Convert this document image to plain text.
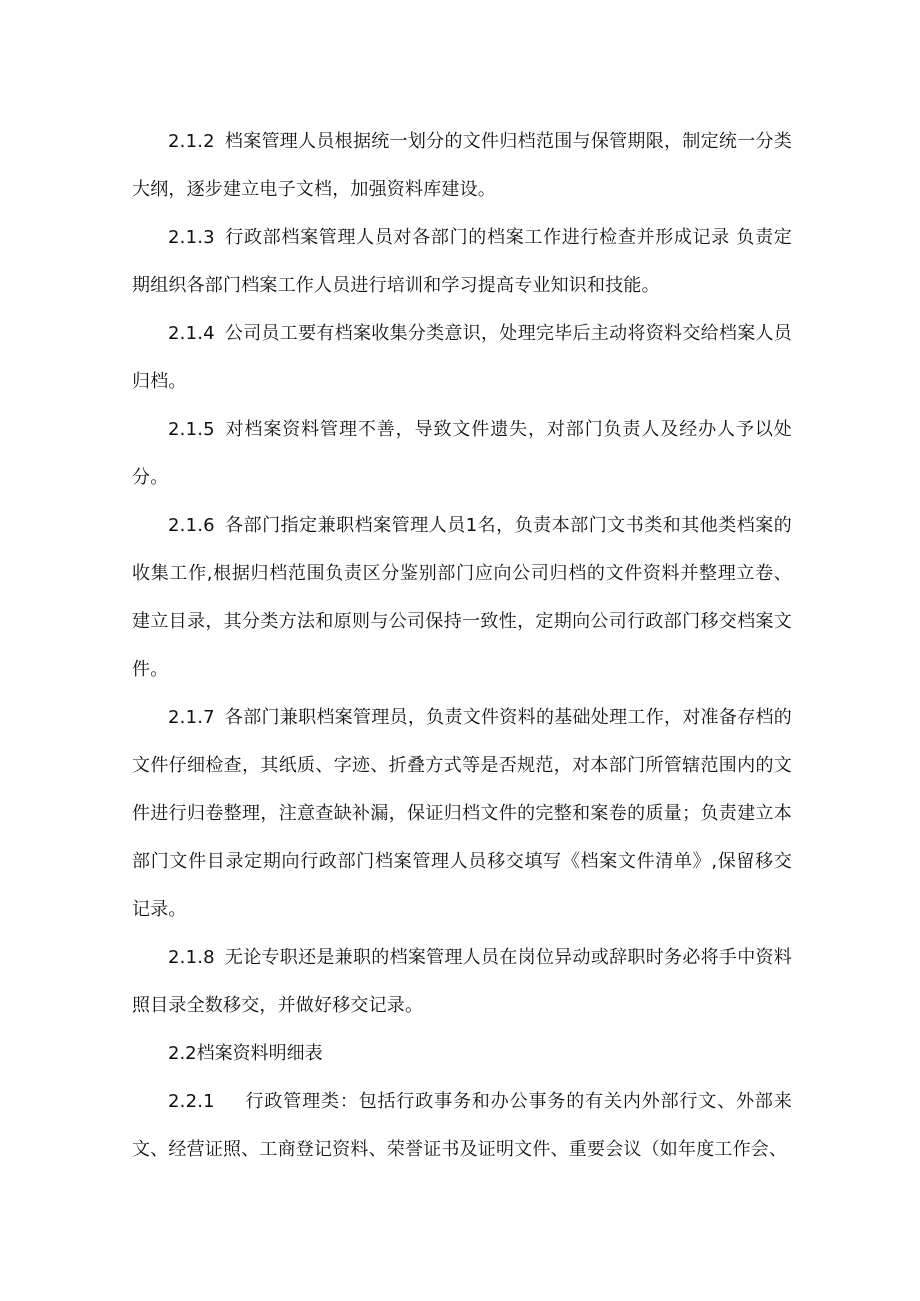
2.1.2 档案管理人员根据统一划分的文件归档范围与保管期限，制定统一分类大纲，逐步建立电子文档，加强资料库建设。

2.1.3 行政部档案管理人员对各部门的档案工作进行检查并形成记录 负责定期组织各部门档案工作人员进行培训和学习提高专业知识和技能。

2.1.4 公司员工要有档案收集分类意识，处理完毕后主动将资料交给档案人员归档。

2.1.5 对档案资料管理不善，导致文件遗失，对部门负责人及经办人予以处分。

2.1.6 各部门指定兼职档案管理人员1名，负责本部门文书类和其他类档案的收集工作,根据归档范围负责区分鉴别部门应向公司归档的文件资料并整理立卷、建立目录，其分类方法和原则与公司保持一致性，定期向公司行政部门移交档案文件。

2.1.7 各部门兼职档案管理员，负责文件资料的基础处理工作，对准备存档的文件仔细检查，其纸质、字迹、折叠方式等是否规范，对本部门所管辖范围内的文件进行归卷整理，注意查缺补漏，保证归档文件的完整和案卷的质量；负责建立本部门文件目录定期向行政部门档案管理人员移交填写《档案文件清单》,保留移交记录。

2.1.8 无论专职还是兼职的档案管理人员在岗位异动或辞职时务必将手中资料照目录全数移交，并做好移交记录。

2.2档案资料明细表

2.2.1 行政管理类：包括行政事务和办公事务的有关内外部行文、外部来文、经营证照、工商登记资料、荣誉证书及证明文件、重要会议（如年度工作会、
